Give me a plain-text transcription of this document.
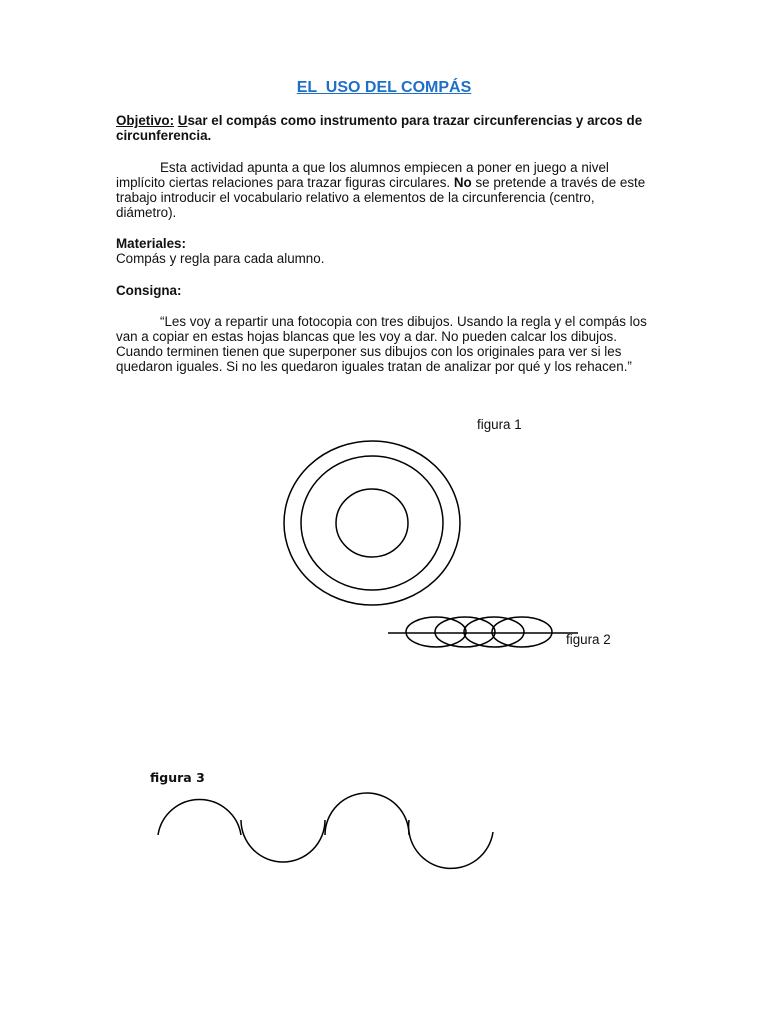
EL  USO DEL COMPÁS
Objetivo: Usar el compás como instrumento para trazar circunferencias y arcos de circunferencia.
Esta actividad apunta a que los alumnos empiecen a poner en juego a nivel implícito ciertas relaciones para trazar figuras circulares. No se pretende a través de este trabajo introducir el vocabulario relativo a elementos de la circunferencia (centro, diámetro).
Materiales:
Compás y regla para cada alumno.
Consigna:
“Les voy a repartir una fotocopia con tres dibujos. Usando la regla y el compás los van a copiar en estas hojas blancas que les voy a dar. No pueden calcar los dibujos. Cuando terminen tienen que superponer sus dibujos con los originales para ver si les quedaron iguales. Si no les quedaron iguales tratan de analizar por qué y los rehacen.”
figura 1
figura 2
figura 3
